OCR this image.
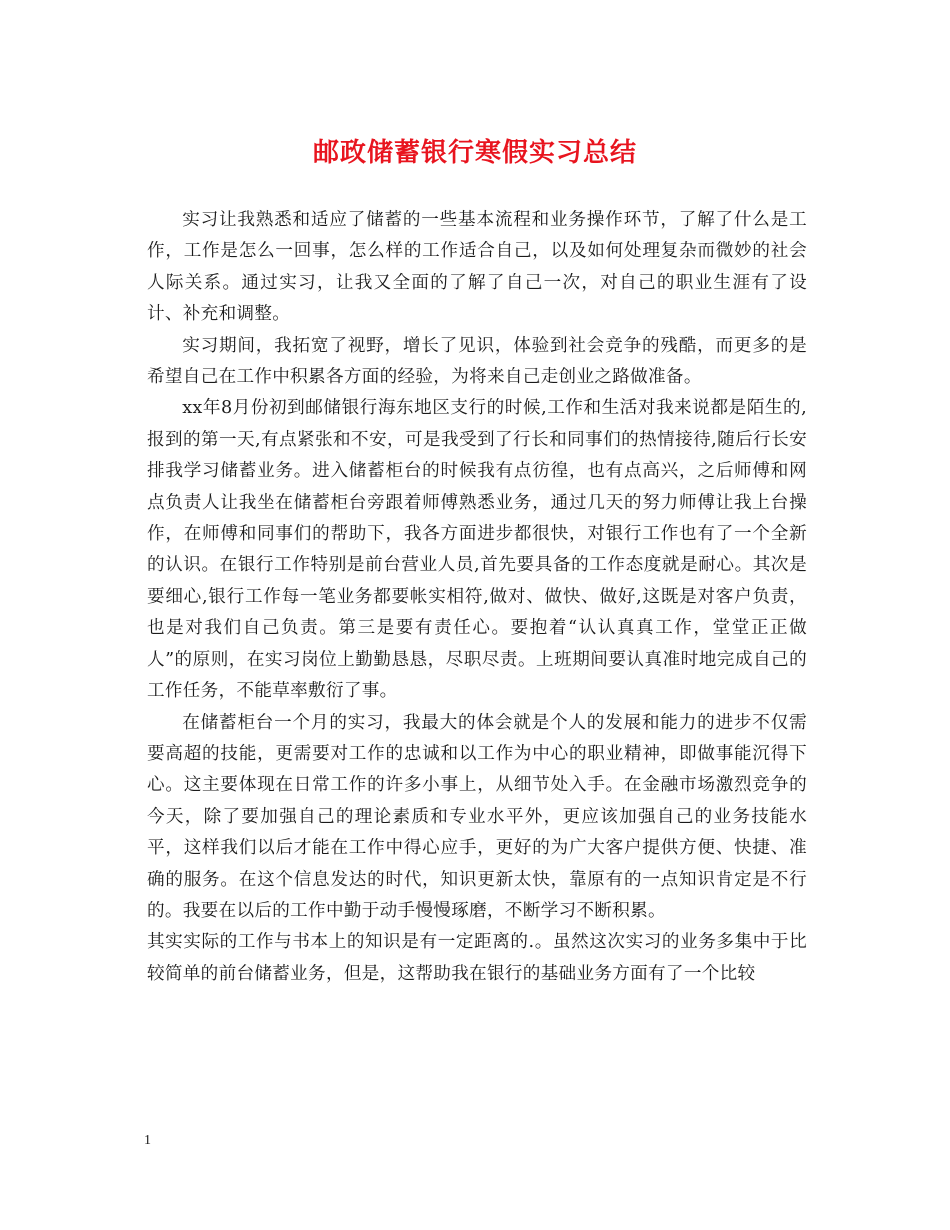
邮政储蓄银行寒假实习总结

实习让我熟悉和适应了储蓄的一些基本流程和业务操作环节，了解了什么是工作，工作是怎么一回事，怎么样的工作适合自己，以及如何处理复杂而微妙的社会人际关系。通过实习，让我又全面的了解了自己一次，对自己的职业生涯有了设计、补充和调整。

实习期间，我拓宽了视野，增长了见识，体验到社会竞争的残酷，而更多的是希望自己在工作中积累各方面的经验，为将来自己走创业之路做准备。

xx年8月份初到邮储银行海东地区支行的时候,工作和生活对我来说都是陌生的,报到的第一天,有点紧张和不安，可是我受到了行长和同事们的热情接待,随后行长安排我学习储蓄业务。进入储蓄柜台的时候我有点彷徨，也有点高兴，之后师傅和网点负责人让我坐在储蓄柜台旁跟着师傅熟悉业务，通过几天的努力师傅让我上台操作，在师傅和同事们的帮助下，我各方面进步都很快，对银行工作也有了一个全新的认识。在银行工作特别是前台营业人员,首先要具备的工作态度就是耐心。其次是要细心,银行工作每一笔业务都要帐实相符,做对、做快、做好,这既是对客户负责，也是对我们自己负责。第三是要有责任心。要抱着“认认真真工作，堂堂正正做人”的原则，在实习岗位上勤勤恳恳，尽职尽责。上班期间要认真准时地完成自己的工作任务，不能草率敷衍了事。

在储蓄柜台一个月的实习，我最大的体会就是个人的发展和能力的进步不仅需要高超的技能，更需要对工作的忠诚和以工作为中心的职业精神，即做事能沉得下心。这主要体现在日常工作的许多小事上，从细节处入手。在金融市场激烈竞争的今天，除了要加强自己的理论素质和专业水平外，更应该加强自己的业务技能水平，这样我们以后才能在工作中得心应手，更好的为广大客户提供方便、快捷、准确的服务。在这个信息发达的时代，知识更新太快，靠原有的一点知识肯定是不行的。我要在以后的工作中勤于动手慢慢琢磨，不断学习不断积累。

其实实际的工作与书本上的知识是有一定距离的.。虽然这次实习的业务多集中于比较简单的前台储蓄业务，但是，这帮助我在银行的基础业务方面有了一个比较

1
